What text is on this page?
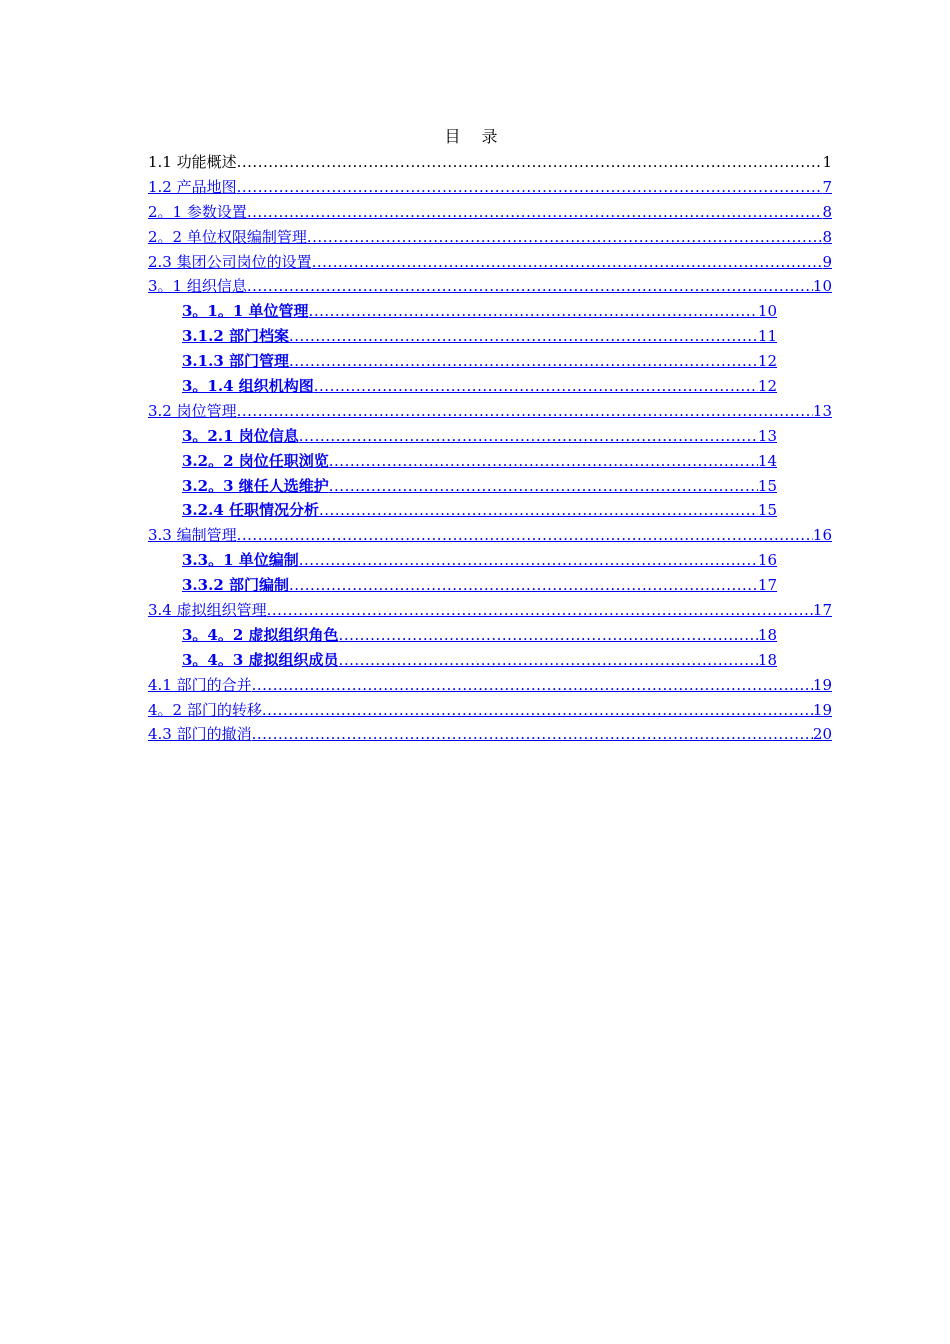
目 录
1.1 功能概述 .....	1
1.2 产品地图 .....	7
2。1 参数设置 .....	8
2。2 单位权限编制管理 .....	8
2.3 集团公司岗位的设置 .....	9
3。1 组织信息 .....	10
3。1。1 单位管理 .....	10
3.1.2 部门档案 .....	11
3.1.3 部门管理 .....	12
3。1.4 组织机构图 .....	12
3.2 岗位管理 .....	13
3。2.1 岗位信息 .....	13
3.2。2 岗位任职浏览 .....	14
3.2。3 继任人选维护 .....	15
3.2.4 任职情况分析 .....	15
3.3 编制管理 .....	16
3.3。1 单位编制 .....	16
3.3.2 部门编制 .....	17
3.4 虚拟组织管理 .....	17
3。4。2 虚拟组织角色 .....	18
3。4。3 虚拟组织成员 .....	18
4.1 部门的合并 .....	19
4。2 部门的转移 .....	19
4.3 部门的撤消 .....	20
